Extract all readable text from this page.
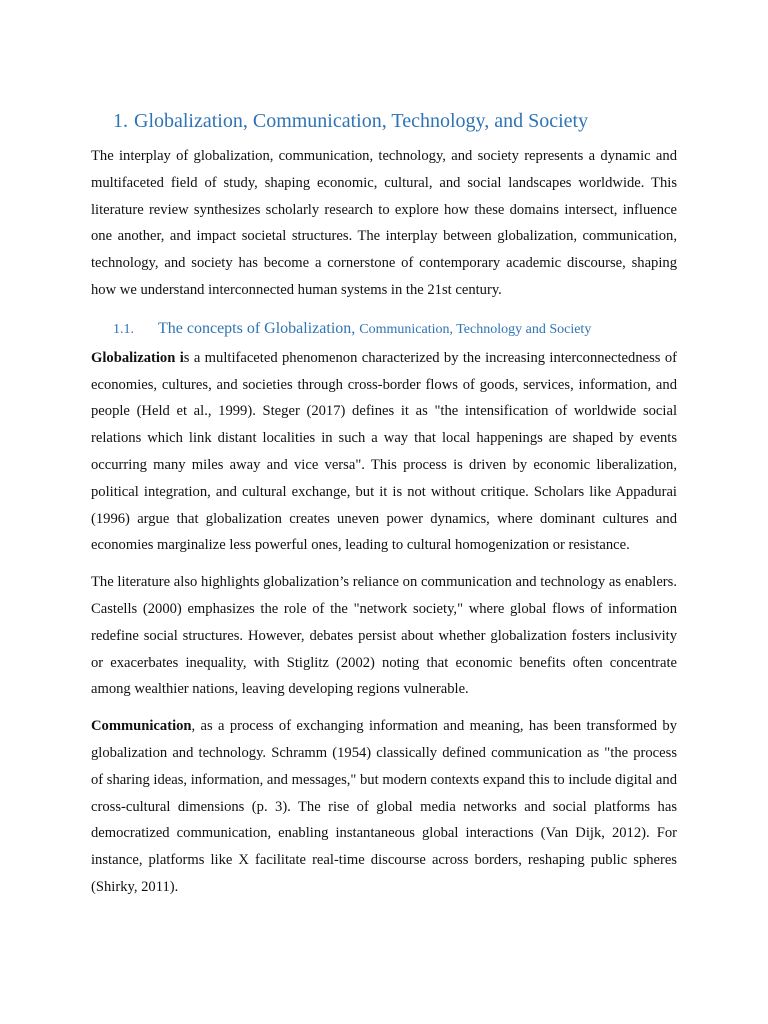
1. Globalization, Communication, Technology, and Society

The interplay of globalization, communication, technology, and society represents a dynamic and multifaceted field of study, shaping economic, cultural, and social landscapes worldwide. This literature review synthesizes scholarly research to explore how these domains intersect, influence one another, and impact societal structures. The interplay between globalization, communication, technology, and society has become a cornerstone of contemporary academic discourse, shaping how we understand interconnected human systems in the 21st century.

1.1. The concepts of Globalization, Communication, Technology and Society

Globalization is a multifaceted phenomenon characterized by the increasing interconnectedness of economies, cultures, and societies through cross-border flows of goods, services, information, and people (Held et al., 1999). Steger (2017) defines it as "the intensification of worldwide social relations which link distant localities in such a way that local happenings are shaped by events occurring many miles away and vice versa". This process is driven by economic liberalization, political integration, and cultural exchange, but it is not without critique. Scholars like Appadurai (1996) argue that globalization creates uneven power dynamics, where dominant cultures and economies marginalize less powerful ones, leading to cultural homogenization or resistance.

The literature also highlights globalization’s reliance on communication and technology as enablers. Castells (2000) emphasizes the role of the "network society," where global flows of information redefine social structures. However, debates persist about whether globalization fosters inclusivity or exacerbates inequality, with Stiglitz (2002) noting that economic benefits often concentrate among wealthier nations, leaving developing regions vulnerable.

Communication, as a process of exchanging information and meaning, has been transformed by globalization and technology. Schramm (1954) classically defined communication as "the process of sharing ideas, information, and messages," but modern contexts expand this to include digital and cross-cultural dimensions (p. 3). The rise of global media networks and social platforms has democratized communication, enabling instantaneous global interactions (Van Dijk, 2012). For instance, platforms like X facilitate real-time discourse across borders, reshaping public spheres (Shirky, 2011).
